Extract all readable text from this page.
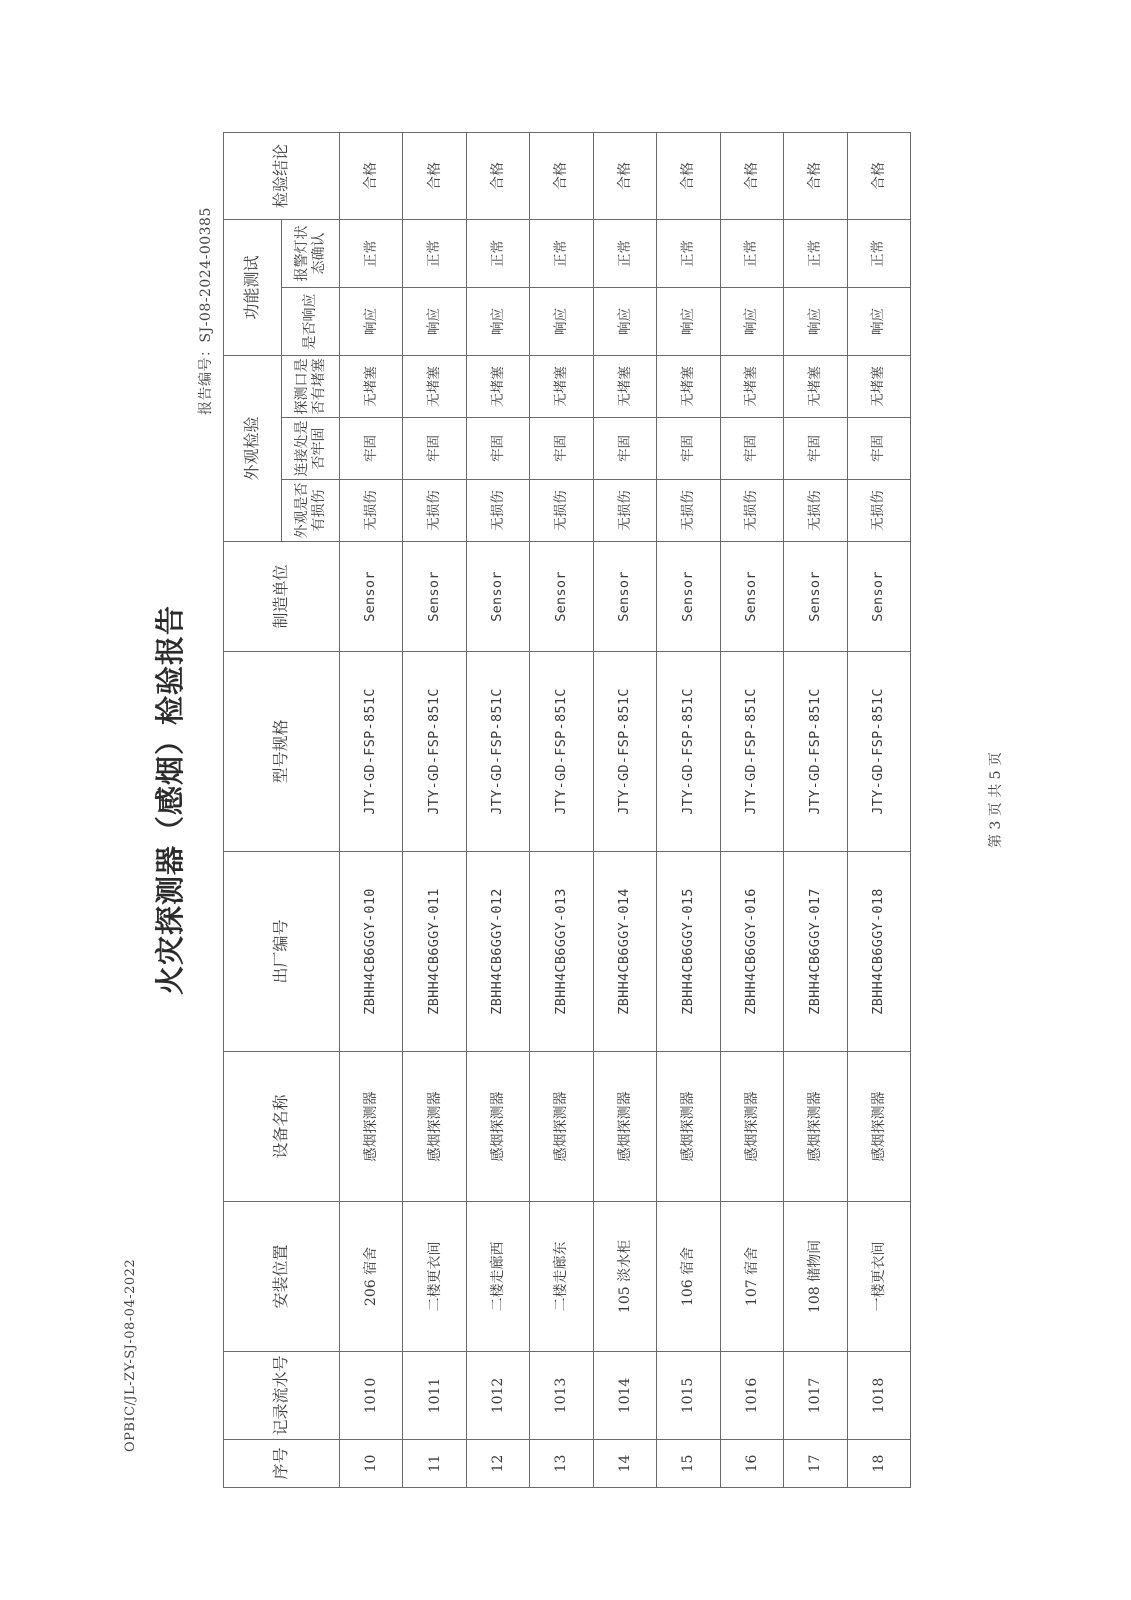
OPBIC/JL-ZY-SJ-08-04-2022
火灾探测器（感烟）检验报告
报告编号：SJ-08-2024-00385
序号	记录流水号	安装位置	设备名称	出厂编号	型号规格	制造单位	外观检验			功能测试		检验结论
							外观是否有损伤	连接处是否牢固	探测口是否有堵塞	是否响应	报警灯状态确认	
10	1010	206 宿舍	感烟探测器	ZBHH4CB6GGY-010	JTY-GD-FSP-851C	Sensor	无损伤	牢固	无堵塞	响应	正常	合格
11	1011	二楼更衣间	感烟探测器	ZBHH4CB6GGY-011	JTY-GD-FSP-851C	Sensor	无损伤	牢固	无堵塞	响应	正常	合格
12	1012	二楼走廊西	感烟探测器	ZBHH4CB6GGY-012	JTY-GD-FSP-851C	Sensor	无损伤	牢固	无堵塞	响应	正常	合格
13	1013	二楼走廊东	感烟探测器	ZBHH4CB6GGY-013	JTY-GD-FSP-851C	Sensor	无损伤	牢固	无堵塞	响应	正常	合格
14	1014	105 淡水柜	感烟探测器	ZBHH4CB6GGY-014	JTY-GD-FSP-851C	Sensor	无损伤	牢固	无堵塞	响应	正常	合格
15	1015	106 宿舍	感烟探测器	ZBHH4CB6GGY-015	JTY-GD-FSP-851C	Sensor	无损伤	牢固	无堵塞	响应	正常	合格
16	1016	107 宿舍	感烟探测器	ZBHH4CB6GGY-016	JTY-GD-FSP-851C	Sensor	无损伤	牢固	无堵塞	响应	正常	合格
17	1017	108 储物间	感烟探测器	ZBHH4CB6GGY-017	JTY-GD-FSP-851C	Sensor	无损伤	牢固	无堵塞	响应	正常	合格
18	1018	一楼更衣间	感烟探测器	ZBHH4CB6GGY-018	JTY-GD-FSP-851C	Sensor	无损伤	牢固	无堵塞	响应	正常	合格
第 3 页 共 5 页
